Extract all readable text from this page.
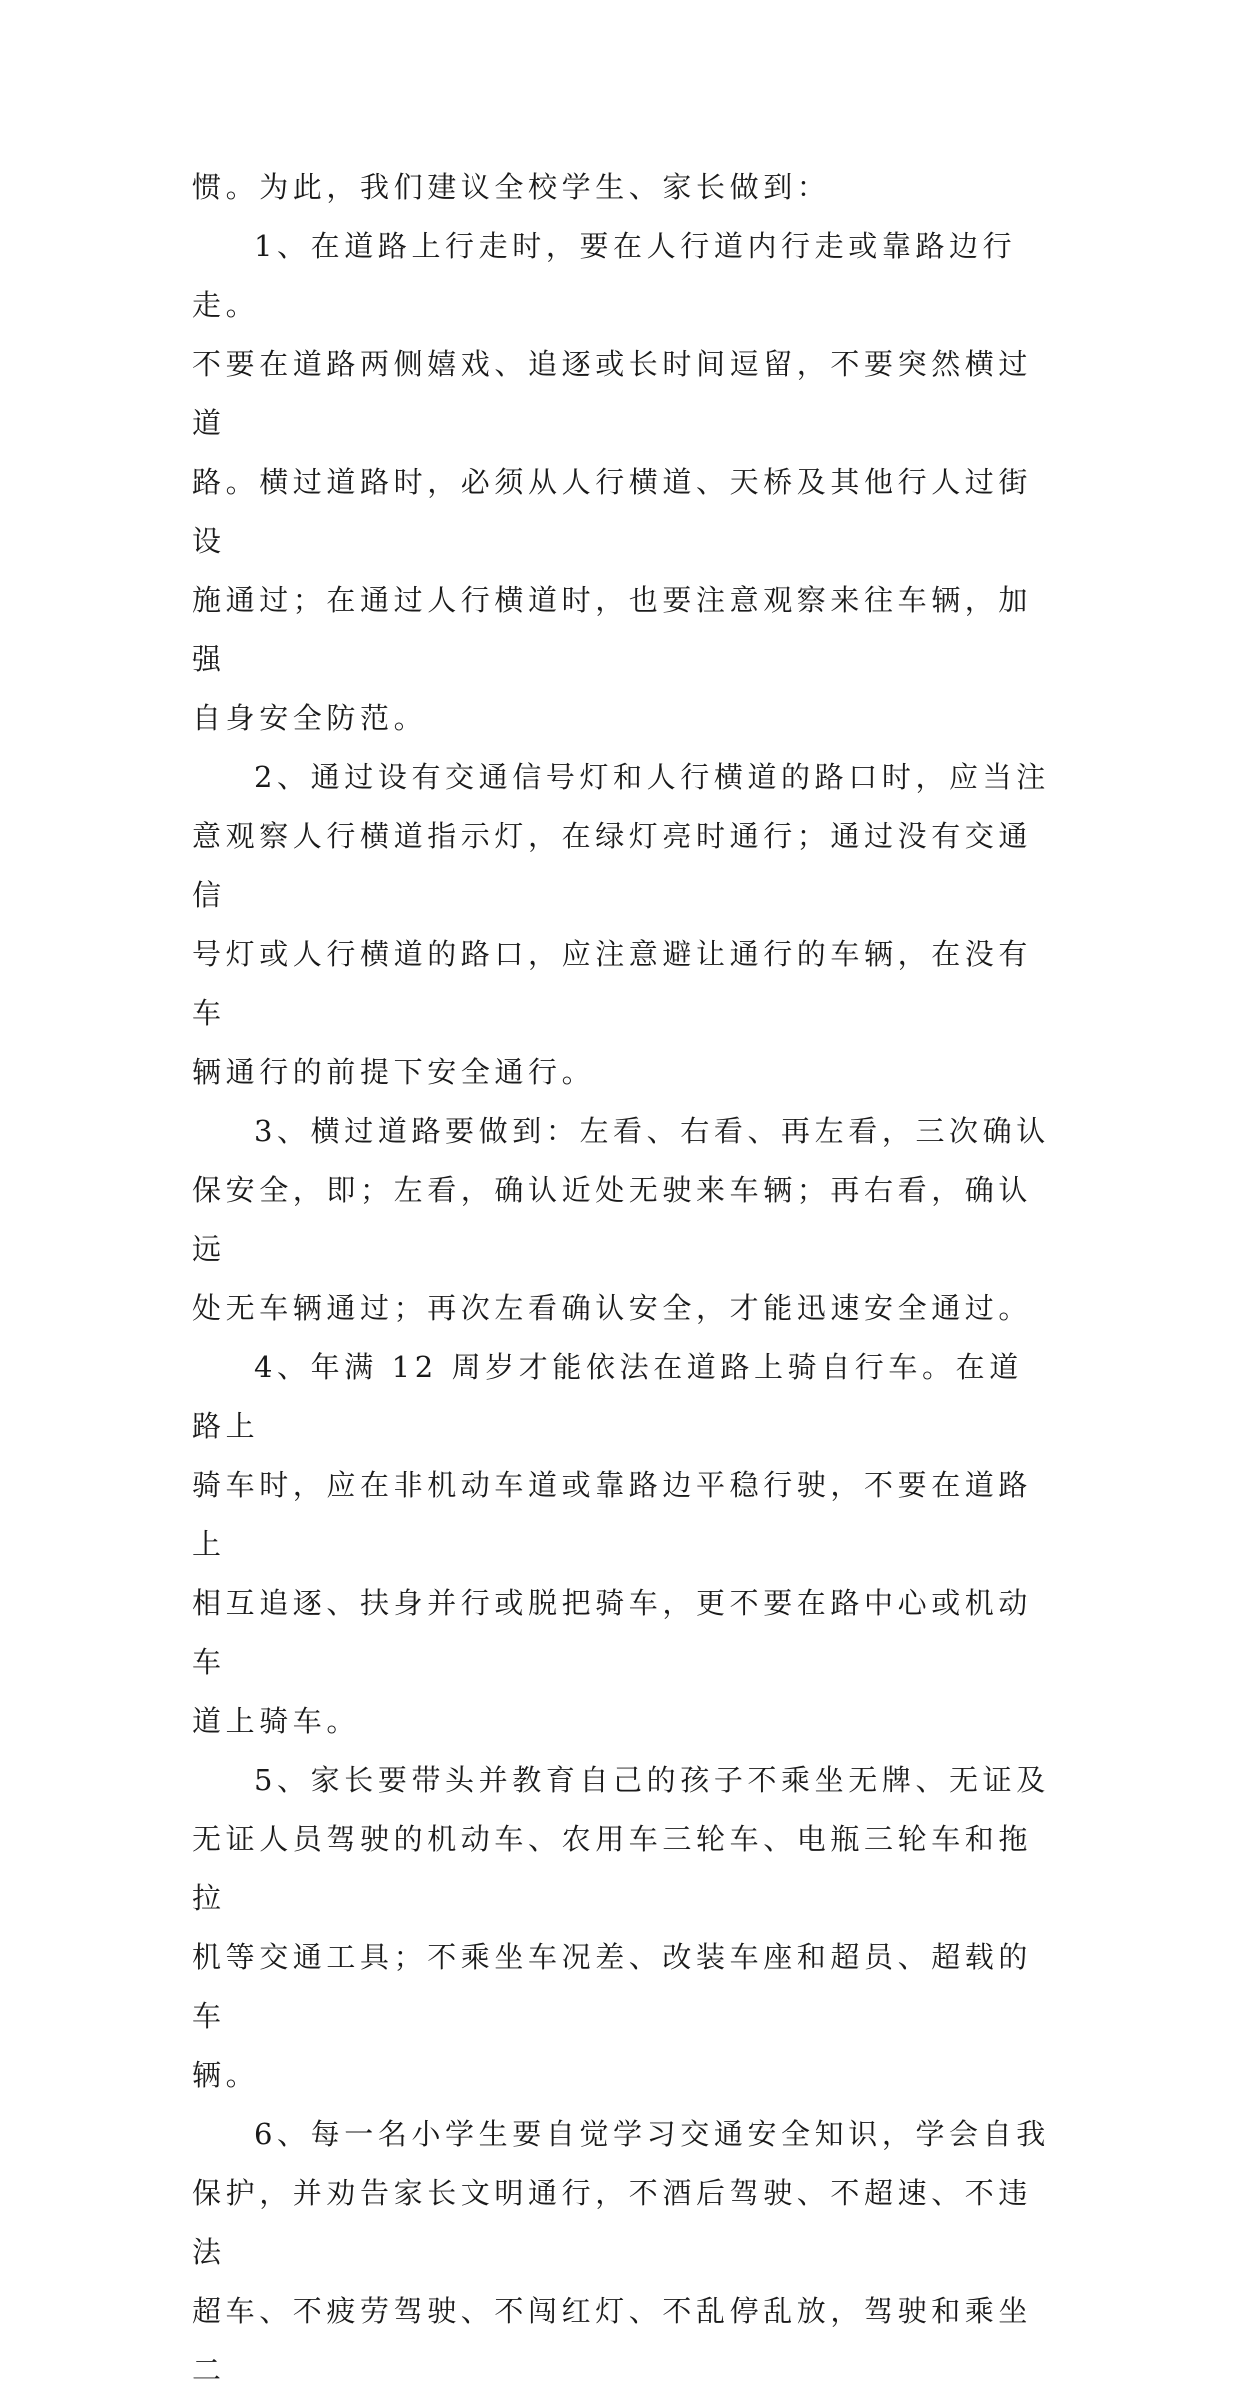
惯。为此，我们建议全校学生、家长做到：

1、在道路上行走时，要在人行道内行走或靠路边行走。
不要在道路两侧嬉戏、追逐或长时间逗留，不要突然横过道
路。横过道路时，必须从人行横道、天桥及其他行人过街设
施通过；在通过人行横道时，也要注意观察来往车辆，加强
自身安全防范。

2、通过设有交通信号灯和人行横道的路口时，应当注
意观察人行横道指示灯，在绿灯亮时通行；通过没有交通信
号灯或人行横道的路口，应注意避让通行的车辆，在没有车
辆通行的前提下安全通行。

3、横过道路要做到：左看、右看、再左看，三次确认
保安全，即；左看，确认近处无驶来车辆；再右看，确认远
处无车辆通过；再次左看确认安全，才能迅速安全通过。

4、年满 12 周岁才能依法在道路上骑自行车。在道路上
骑车时，应在非机动车道或靠路边平稳行驶，不要在道路上
相互追逐、扶身并行或脱把骑车，更不要在路中心或机动车
道上骑车。

5、家长要带头并教育自己的孩子不乘坐无牌、无证及
无证人员驾驶的机动车、农用车三轮车、电瓶三轮车和拖拉
机等交通工具；不乘坐车况差、改装车座和超员、超载的车
辆。

6、每一名小学生要自觉学习交通安全知识，学会自我
保护，并劝告家长文明通行，不酒后驾驶、不超速、不违法
超车、不疲劳驾驶、不闯红灯、不乱停乱放，驾驶和乘坐二
